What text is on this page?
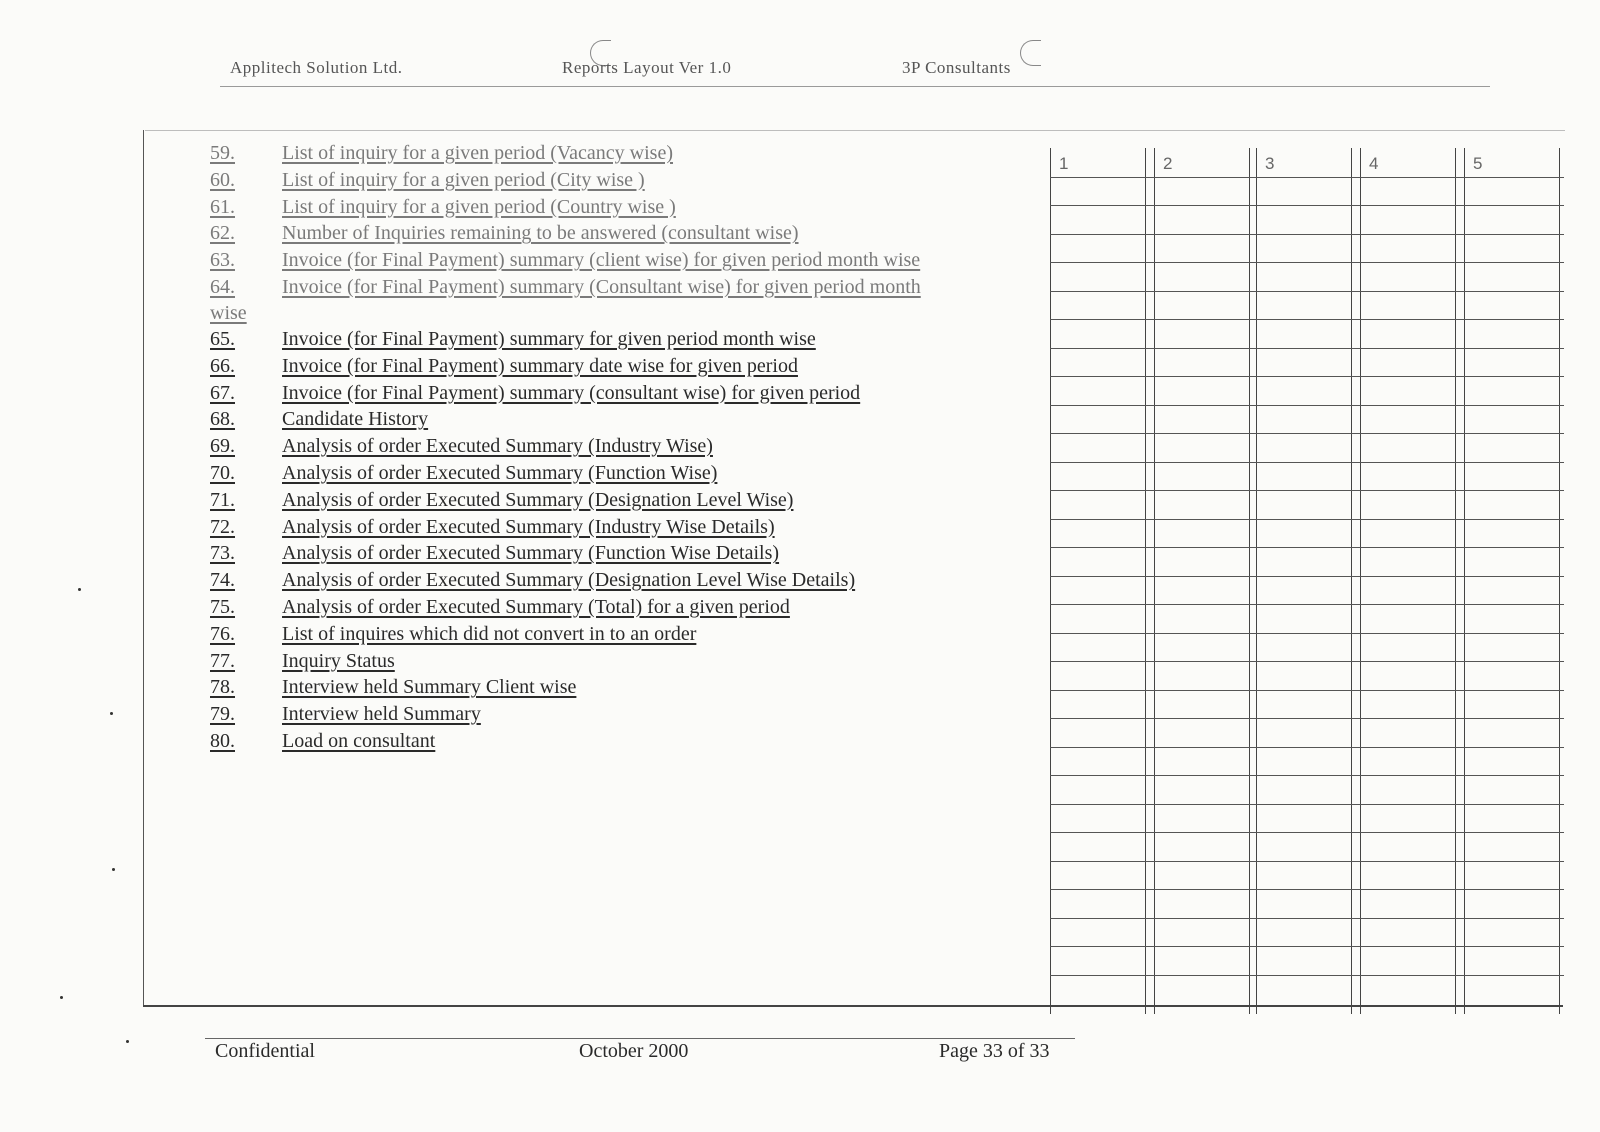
Applitech Solution Ltd.	Reports Layout Ver 1.0	3P Consultants
59. List of inquiry for a given period (Vacancy wise)
60. List of inquiry for a given period (City wise )
61. List of inquiry for a given period (Country wise )
62. Number of Inquiries remaining to be answered (consultant wise)
63. Invoice (for Final Payment) summary (client wise) for given period month wise
64. Invoice (for Final Payment) summary (Consultant wise) for given period month
wise
65. Invoice (for Final Payment) summary for given period month wise
66. Invoice (for Final Payment) summary date wise for given period
67. Invoice (for Final Payment) summary (consultant wise) for given period
68. Candidate History
69. Analysis of order Executed Summary (Industry Wise)
70. Analysis of order Executed Summary (Function Wise)
71. Analysis of order Executed Summary (Designation Level Wise)
72. Analysis of order Executed Summary (Industry Wise Details)
73. Analysis of order Executed Summary (Function Wise Details)
74. Analysis of order Executed Summary (Designation Level Wise Details)
75. Analysis of order Executed Summary (Total) for a given period
76. List of inquires which did not convert in to an order
77. Inquiry Status
78. Interview held Summary Client wise
79. Interview held Summary
80. Load on consultant
1	2	3	4	5
Confidential	October 2000	Page 33 of 33
